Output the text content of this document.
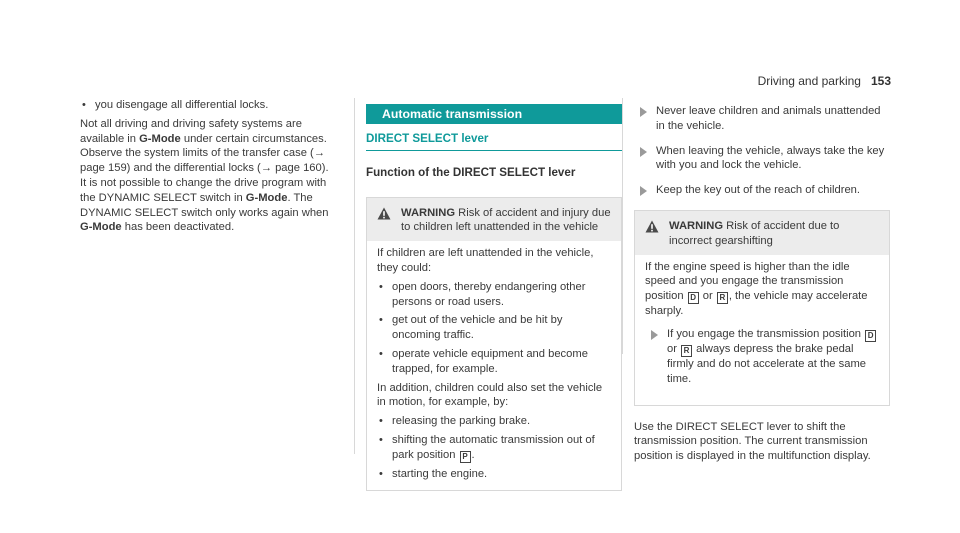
Driving and parking 153

• you disengage all differential locks.

Not all driving and driving safety systems are available in G-Mode under certain circumstances. Observe the system limits of the transfer case (→ page 159) and the differential locks (→ page 160).

It is not possible to change the drive program with the DYNAMIC SELECT switch in G-Mode. The DYNAMIC SELECT switch only works again when G-Mode has been deactivated.

Automatic transmission
DIRECT SELECT lever
Function of the DIRECT SELECT lever
WARNING Risk of accident and injury due to children left unattended in the vehicle

If children are left unattended in the vehicle, they could:

• open doors, thereby endangering other persons or road users.

• get out of the vehicle and be hit by oncoming traffic.

• operate vehicle equipment and become trapped, for example.

In addition, children could also set the vehicle in motion, for example, by:

• releasing the parking brake.

• shifting the automatic transmission out of park position P .

• starting the engine.

Never leave children and animals unattended in the vehicle.
When leaving the vehicle, always take the key with you and lock the vehicle.
Keep the key out of the reach of children.
WARNING Risk of accident due to incorrect gearshifting

If the engine speed is higher than the idle speed and you engage the transmission position D or R , the vehicle may accelerate sharply.

If you engage the transmission position D or R always depress the brake pedal firmly and do not accelerate at the same time.

Use the DIRECT SELECT lever to shift the transmission position. The current transmission position is displayed in the multifunction display.
